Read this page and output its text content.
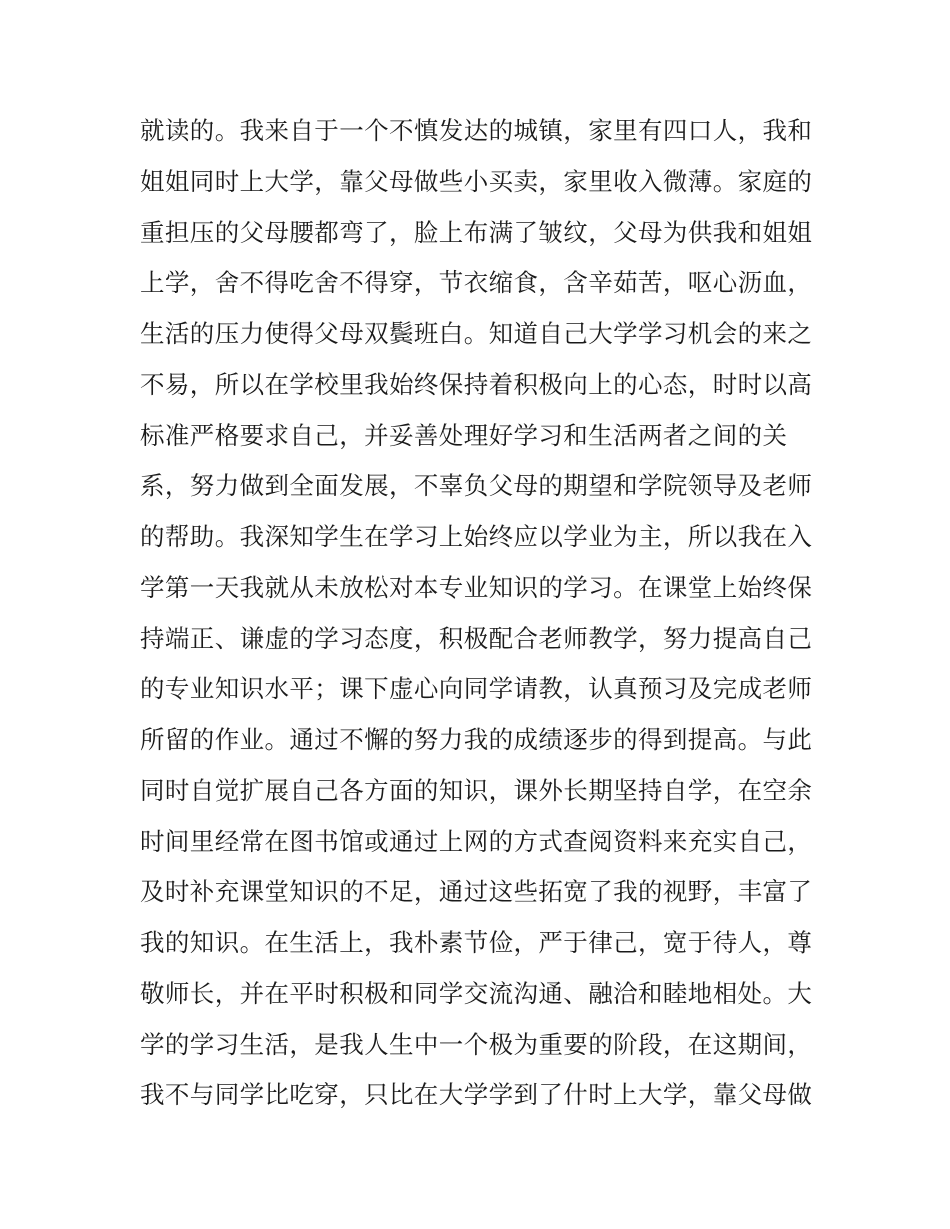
就读的。我来自于一个不慎发达的城镇，家里有四口人，我和
姐姐同时上大学，靠父母做些小买卖，家里收入微薄。家庭的
重担压的父母腰都弯了，脸上布满了皱纹，父母为供我和姐姐
上学，舍不得吃舍不得穿，节衣缩食，含辛茹苦，呕心沥血，
生活的压力使得父母双鬓班白。知道自己大学学习机会的来之
不易，所以在学校里我始终保持着积极向上的心态，时时以高
标准严格要求自己，并妥善处理好学习和生活两者之间的关
系，努力做到全面发展，不辜负父母的期望和学院领导及老师
的帮助。我深知学生在学习上始终应以学业为主，所以我在入
学第一天我就从未放松对本专业知识的学习。在课堂上始终保
持端正、谦虚的学习态度，积极配合老师教学，努力提高自己
的专业知识水平；课下虚心向同学请教，认真预习及完成老师
所留的作业。通过不懈的努力我的成绩逐步的得到提高。与此
同时自觉扩展自己各方面的知识，课外长期坚持自学，在空余
时间里经常在图书馆或通过上网的方式查阅资料来充实自己，
及时补充课堂知识的不足，通过这些拓宽了我的视野，丰富了
我的知识。在生活上，我朴素节俭，严于律己，宽于待人，尊
敬师长，并在平时积极和同学交流沟通、融洽和睦地相处。大
学的学习生活，是我人生中一个极为重要的阶段，在这期间，
我不与同学比吃穿，只比在大学学到了什时上大学，靠父母做
